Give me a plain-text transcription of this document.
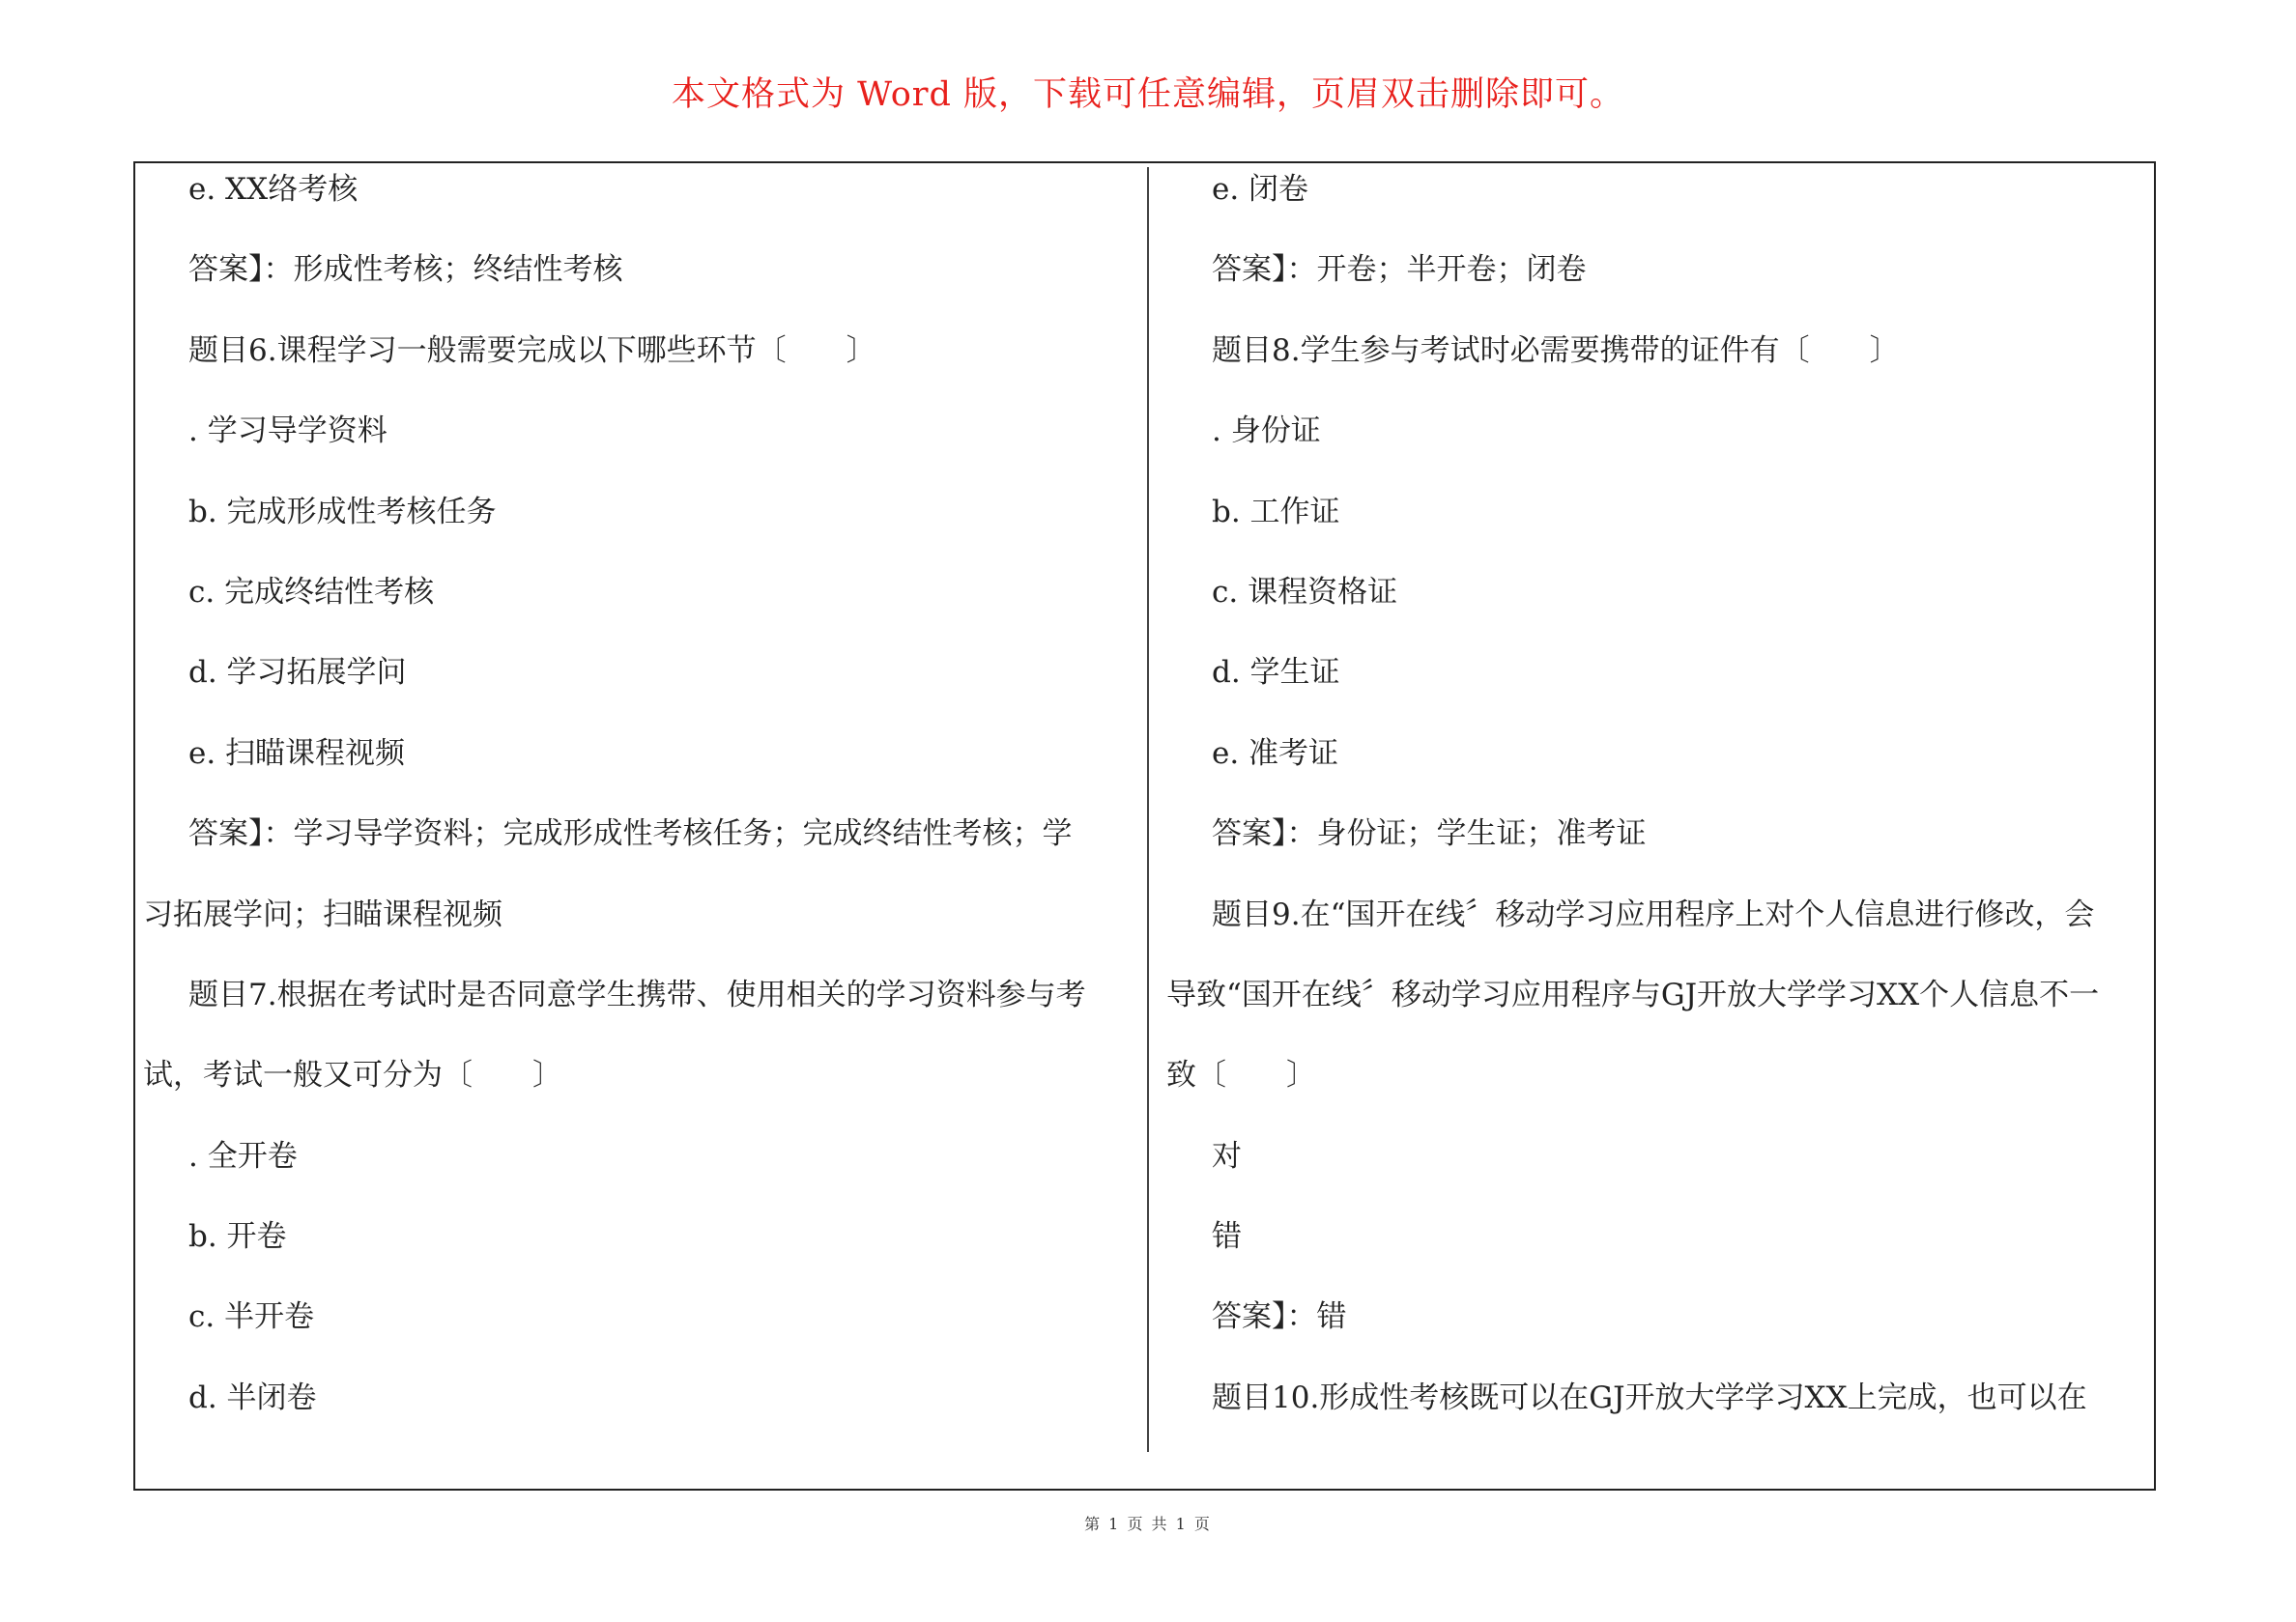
本文格式为 Word 版，下载可任意编辑，页眉双击删除即可。
e. XX络考核
答案】：形成性考核；终结性考核
题目6.课程学习一般需要完成以下哪些环节〔　　〕
. 学习导学资料
b. 完成形成性考核任务
c. 完成终结性考核
d. 学习拓展学问
e. 扫瞄课程视频
答案】：学习导学资料；完成形成性考核任务；完成终结性考核；学
习拓展学问；扫瞄课程视频
题目7.根据在考试时是否同意学生携带、使用相关的学习资料参与考
试，考试一般又可分为〔　　〕
. 全开卷
b. 开卷
c. 半开卷
d. 半闭卷
e. 闭卷
答案】：开卷；半开卷；闭卷
题目8.学生参与考试时必需要携带的证件有〔　　〕
. 身份证
b. 工作证
c. 课程资格证
d. 学生证
e. 准考证
答案】：身份证；学生证；准考证
题目9.在“国开在线〞移动学习应用程序上对个人信息进行修改，会
导致“国开在线〞移动学习应用程序与GJ开放大学学习XX个人信息不一
致〔　　〕
对
错
答案】：错
题目10.形成性考核既可以在GJ开放大学学习XX上完成，也可以在
第 1 页 共 1 页
